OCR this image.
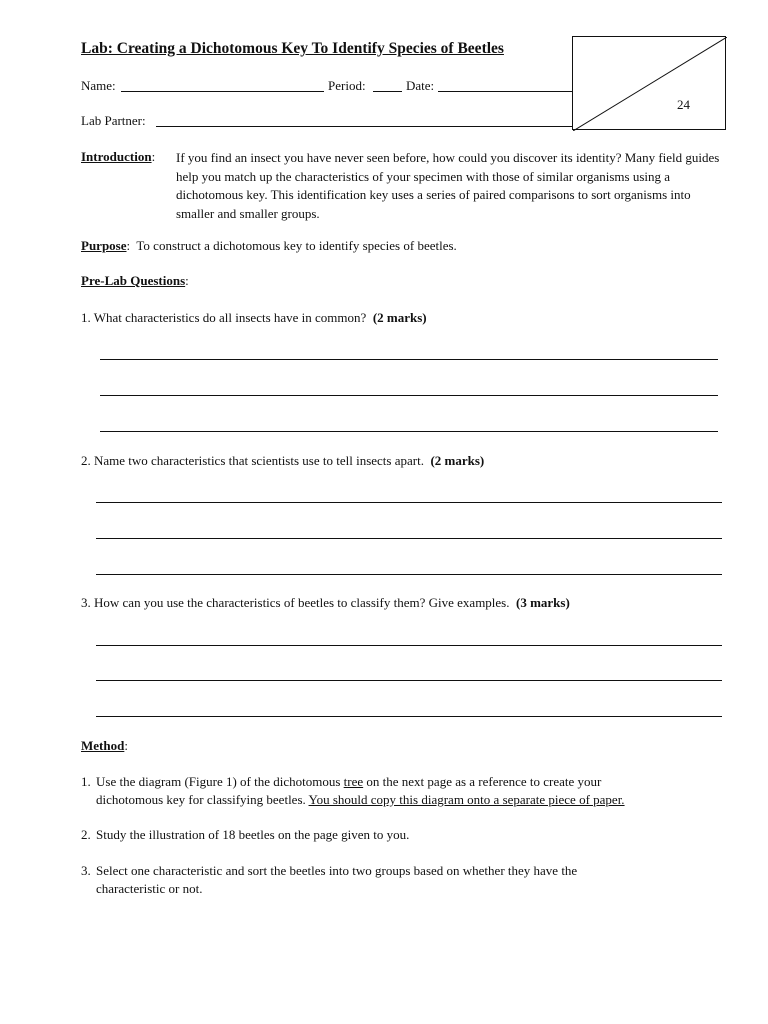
Lab: Creating a Dichotomous Key To Identify Species of Beetles
Name:	Period:	Date:
Lab Partner:
24
Introduction: If you find an insect you have never seen before, how could you discover its identity? Many field guides help you match up the characteristics of your specimen with those of similar organisms using a dichotomous key. This identification key uses a series of paired comparisons to sort organisms into smaller and smaller groups.
Purpose: To construct a dichotomous key to identify species of beetles.
Pre-Lab Questions:
1. What characteristics do all insects have in common? (2 marks)
2. Name two characteristics that scientists use to tell insects apart. (2 marks)
3. How can you use the characteristics of beetles to classify them? Give examples. (3 marks)
Method:
1. Use the diagram (Figure 1) of the dichotomous tree on the next page as a reference to create your
dichotomous key for classifying beetles. You should copy this diagram onto a separate piece of paper.
2. Study the illustration of 18 beetles on the page given to you.
3. Select one characteristic and sort the beetles into two groups based on whether they have the
characteristic or not.
